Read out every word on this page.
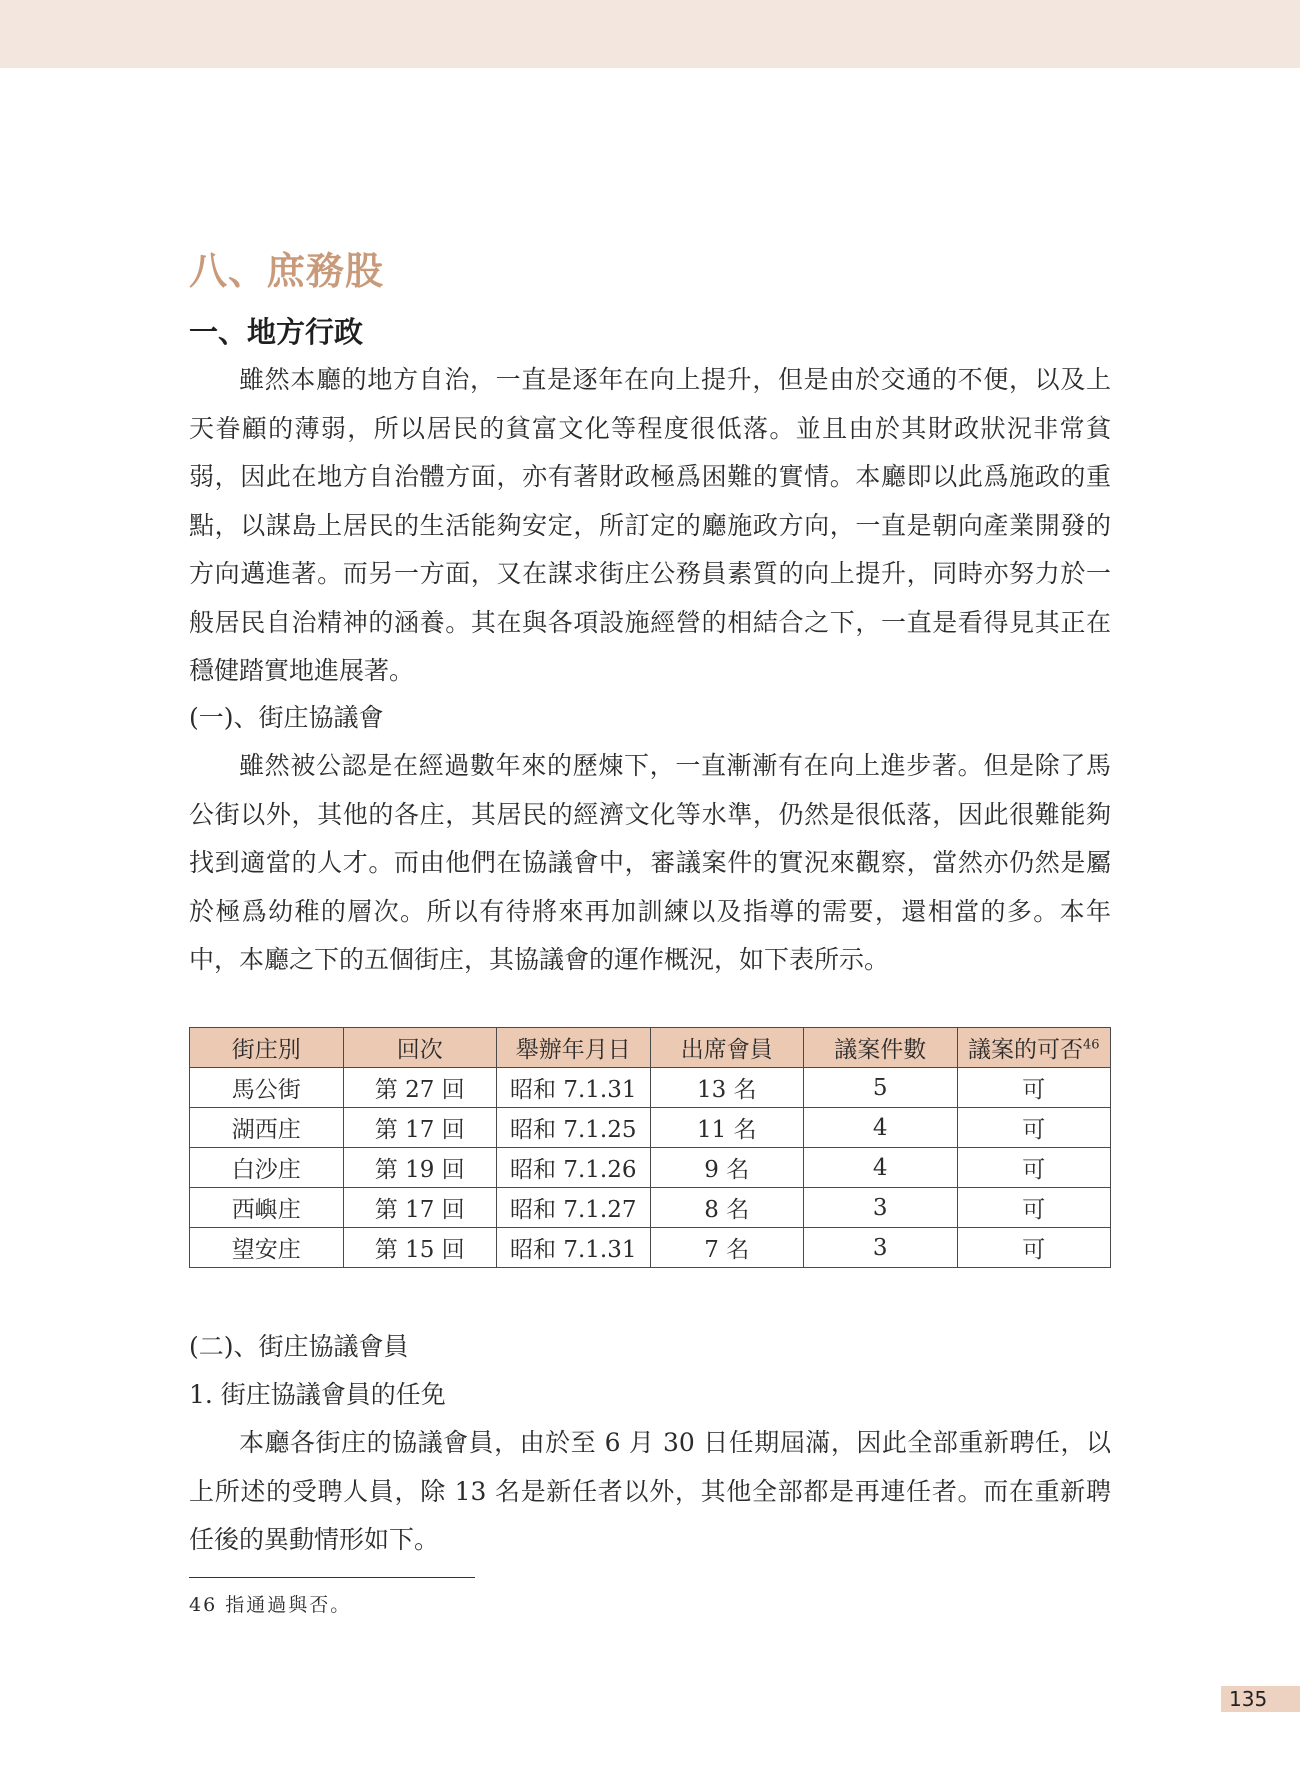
八、庶務股
一、地方行政

雖然本廳的地方自治，一直是逐年在向上提升，但是由於交通的不便，以及上天眷顧的薄弱，所以居民的貧富文化等程度很低落。並且由於其財政狀況非常貧弱，因此在地方自治體方面，亦有著財政極爲困難的實情。本廳即以此爲施政的重點，以謀島上居民的生活能夠安定，所訂定的廳施政方向，一直是朝向產業開發的方向邁進著。而另一方面，又在謀求街庄公務員素質的向上提升，同時亦努力於一般居民自治精神的涵養。其在與各項設施經營的相結合之下，一直是看得見其正在穩健踏實地進展著。

(一)、街庄協議會

雖然被公認是在經過數年來的歷煉下，一直漸漸有在向上進步著。但是除了馬公街以外，其他的各庄，其居民的經濟文化等水準，仍然是很低落，因此很難能夠找到適當的人才。而由他們在協議會中，審議案件的實況來觀察，當然亦仍然是屬於極爲幼稚的層次。所以有待將來再加訓練以及指導的需要，還相當的多。本年中，本廳之下的五個街庄，其協議會的運作概況，如下表所示。

街庄別	回次	舉辦年月日	出席會員	議案件數	議案的可否$^{46}$
馬公街	第 27 回	昭和 7.1.31	13 名	5	可
湖西庄	第 17 回	昭和 7.1.25	11 名	4	可
白沙庄	第 19 回	昭和 7.1.26	9 名	4	可
西嶼庄	第 17 回	昭和 7.1.27	8 名	3	可
望安庄	第 15 回	昭和 7.1.31	7 名	3	可

(二)、街庄協議會員

1. 街庄協議會員的任免

本廳各街庄的協議會員，由於至 6 月 30 日任期屆滿，因此全部重新聘任，以上所述的受聘人員，除 13 名是新任者以外，其他全部都是再連任者。而在重新聘任後的異動情形如下。

46 指通過與否。

135
